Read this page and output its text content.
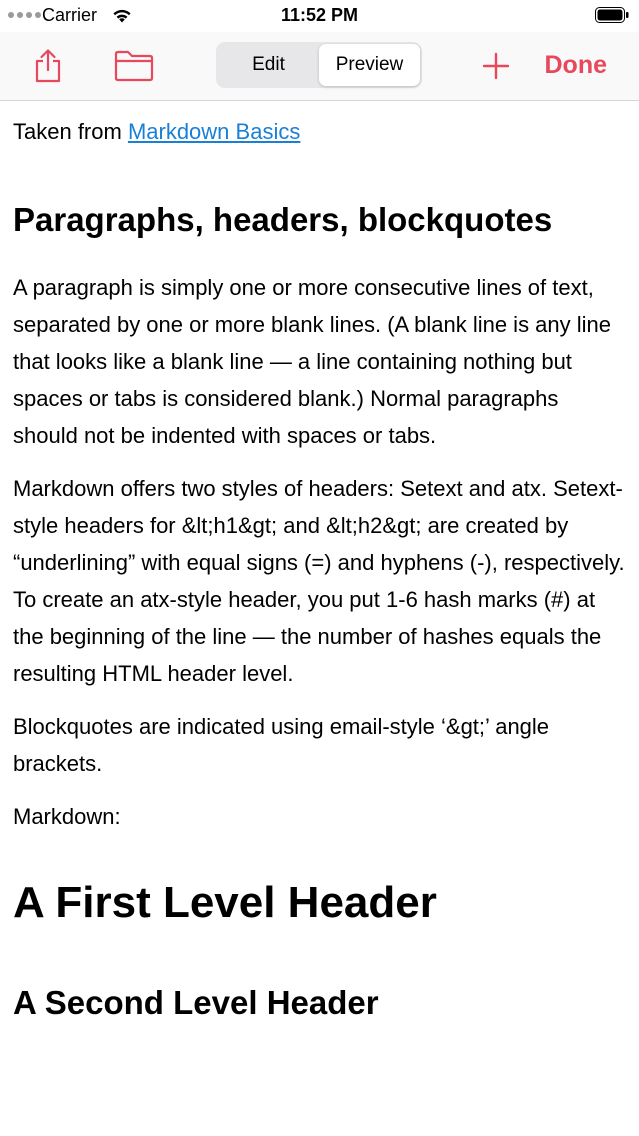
Carrier	11:52 PM
Edit	Preview	Done

Taken from Markdown Basics

Paragraphs, headers, blockquotes

A paragraph is simply one or more consecutive lines of text, separated by one or more blank lines. (A blank line is any line that looks like a blank line — a line containing nothing but spaces or tabs is considered blank.) Normal paragraphs should not be indented with spaces or tabs.

Markdown offers two styles of headers: Setext and atx. Setext-style headers for &lt;h1&gt; and &lt;h2&gt; are created by “underlining” with equal signs (=) and hyphens (-), respectively. To create an atx-style header, you put 1-6 hash marks (#) at the beginning of the line — the number of hashes equals the resulting HTML header level.

Blockquotes are indicated using email-style ‘&gt;’ angle brackets.

Markdown:

A First Level Header
A Second Level Header
